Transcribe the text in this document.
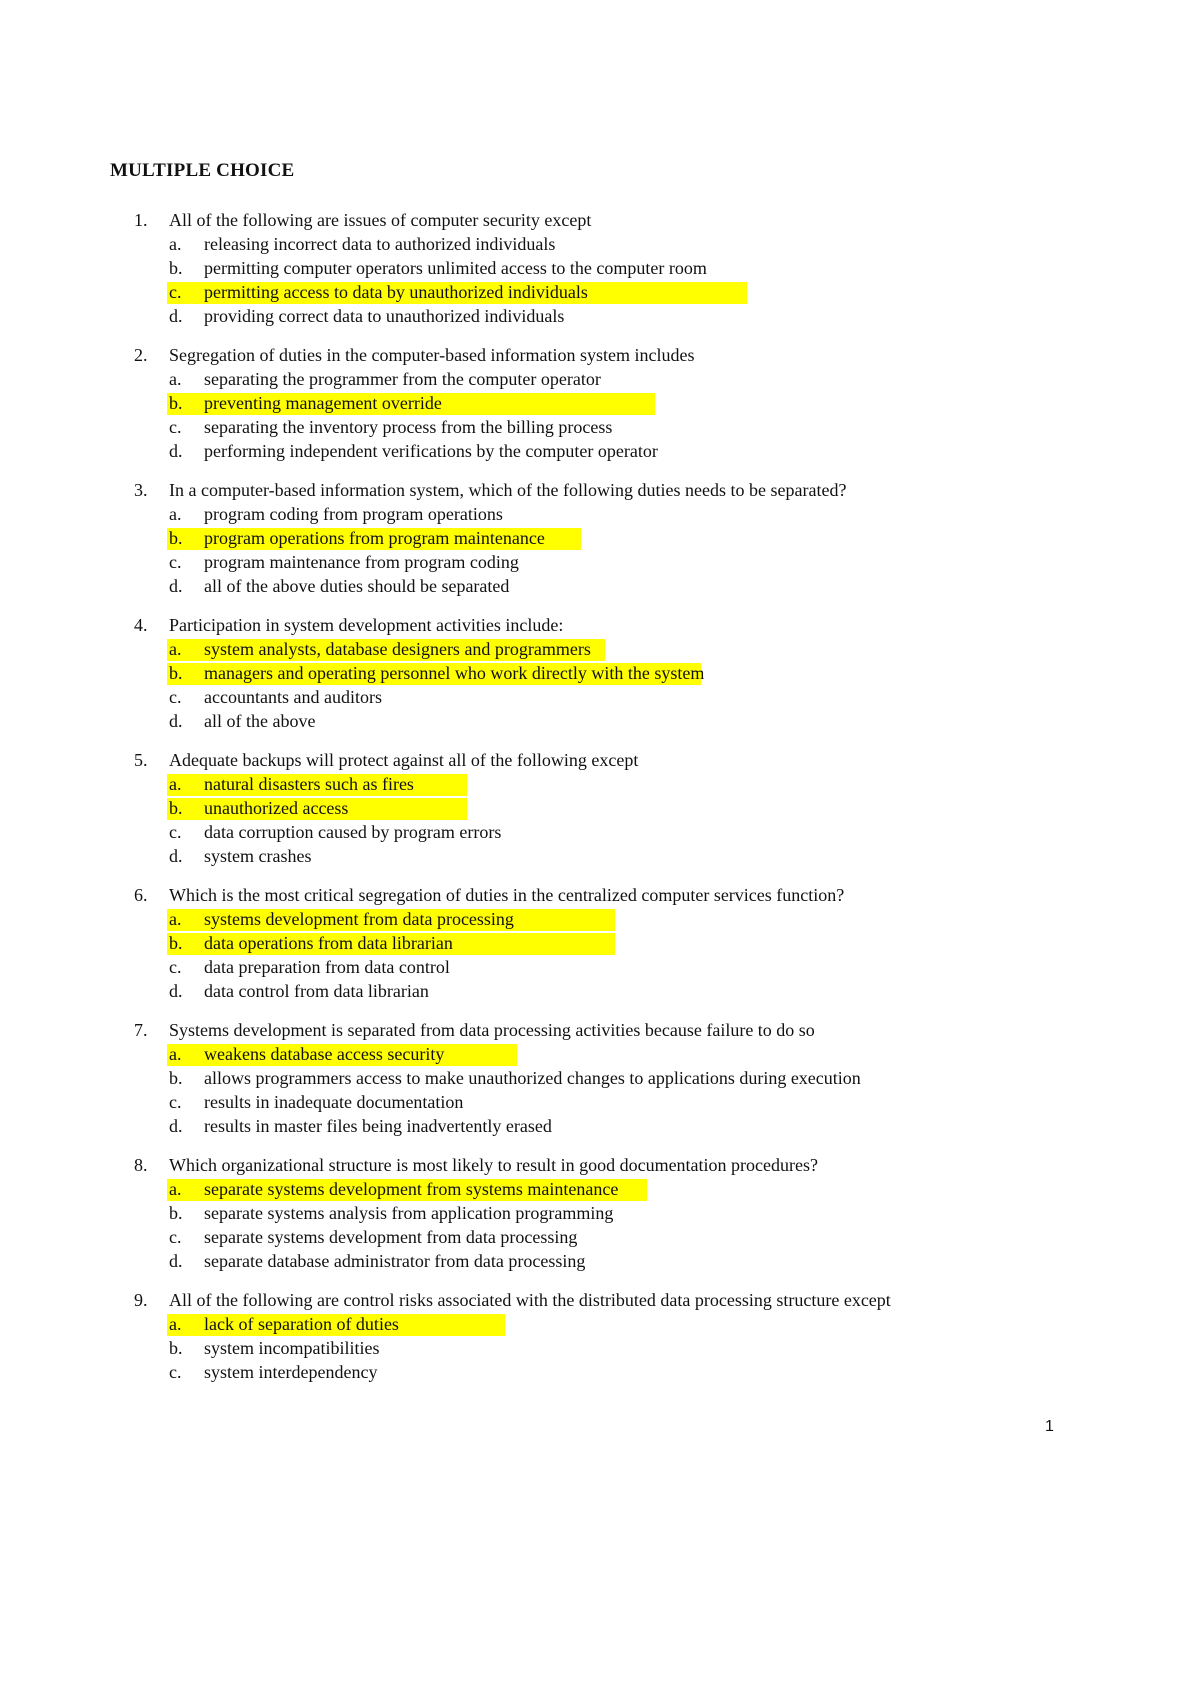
MULTIPLE CHOICE
1. All of the following are issues of computer security except
a. releasing incorrect data to authorized individuals
b. permitting computer operators unlimited access to the computer room
c. permitting access to data by unauthorized individuals
d. providing correct data to unauthorized individuals
2. Segregation of duties in the computer-based information system includes
a. separating the programmer from the computer operator
b. preventing management override
c. separating the inventory process from the billing process
d. performing independent verifications by the computer operator
3. In a computer-based information system, which of the following duties needs to be separated?
a. program coding from program operations
b. program operations from program maintenance
c. program maintenance from program coding
d. all of the above duties should be separated
4. Participation in system development activities include:
a. system analysts, database designers and programmers
b. managers and operating personnel who work directly with the system
c. accountants and auditors
d. all of the above
5. Adequate backups will protect against all of the following except
a. natural disasters such as fires
b. unauthorized access
c. data corruption caused by program errors
d. system crashes
6. Which is the most critical segregation of duties in the centralized computer services function?
a. systems development from data processing
b. data operations from data librarian
c. data preparation from data control
d. data control from data librarian
7. Systems development is separated from data processing activities because failure to do so
a. weakens database access security
b. allows programmers access to make unauthorized changes to applications during execution
c. results in inadequate documentation
d. results in master files being inadvertently erased
8. Which organizational structure is most likely to result in good documentation procedures?
a. separate systems development from systems maintenance
b. separate systems analysis from application programming
c. separate systems development from data processing
d. separate database administrator from data processing
9. All of the following are control risks associated with the distributed data processing structure except
a. lack of separation of duties
b. system incompatibilities
c. system interdependency
1
